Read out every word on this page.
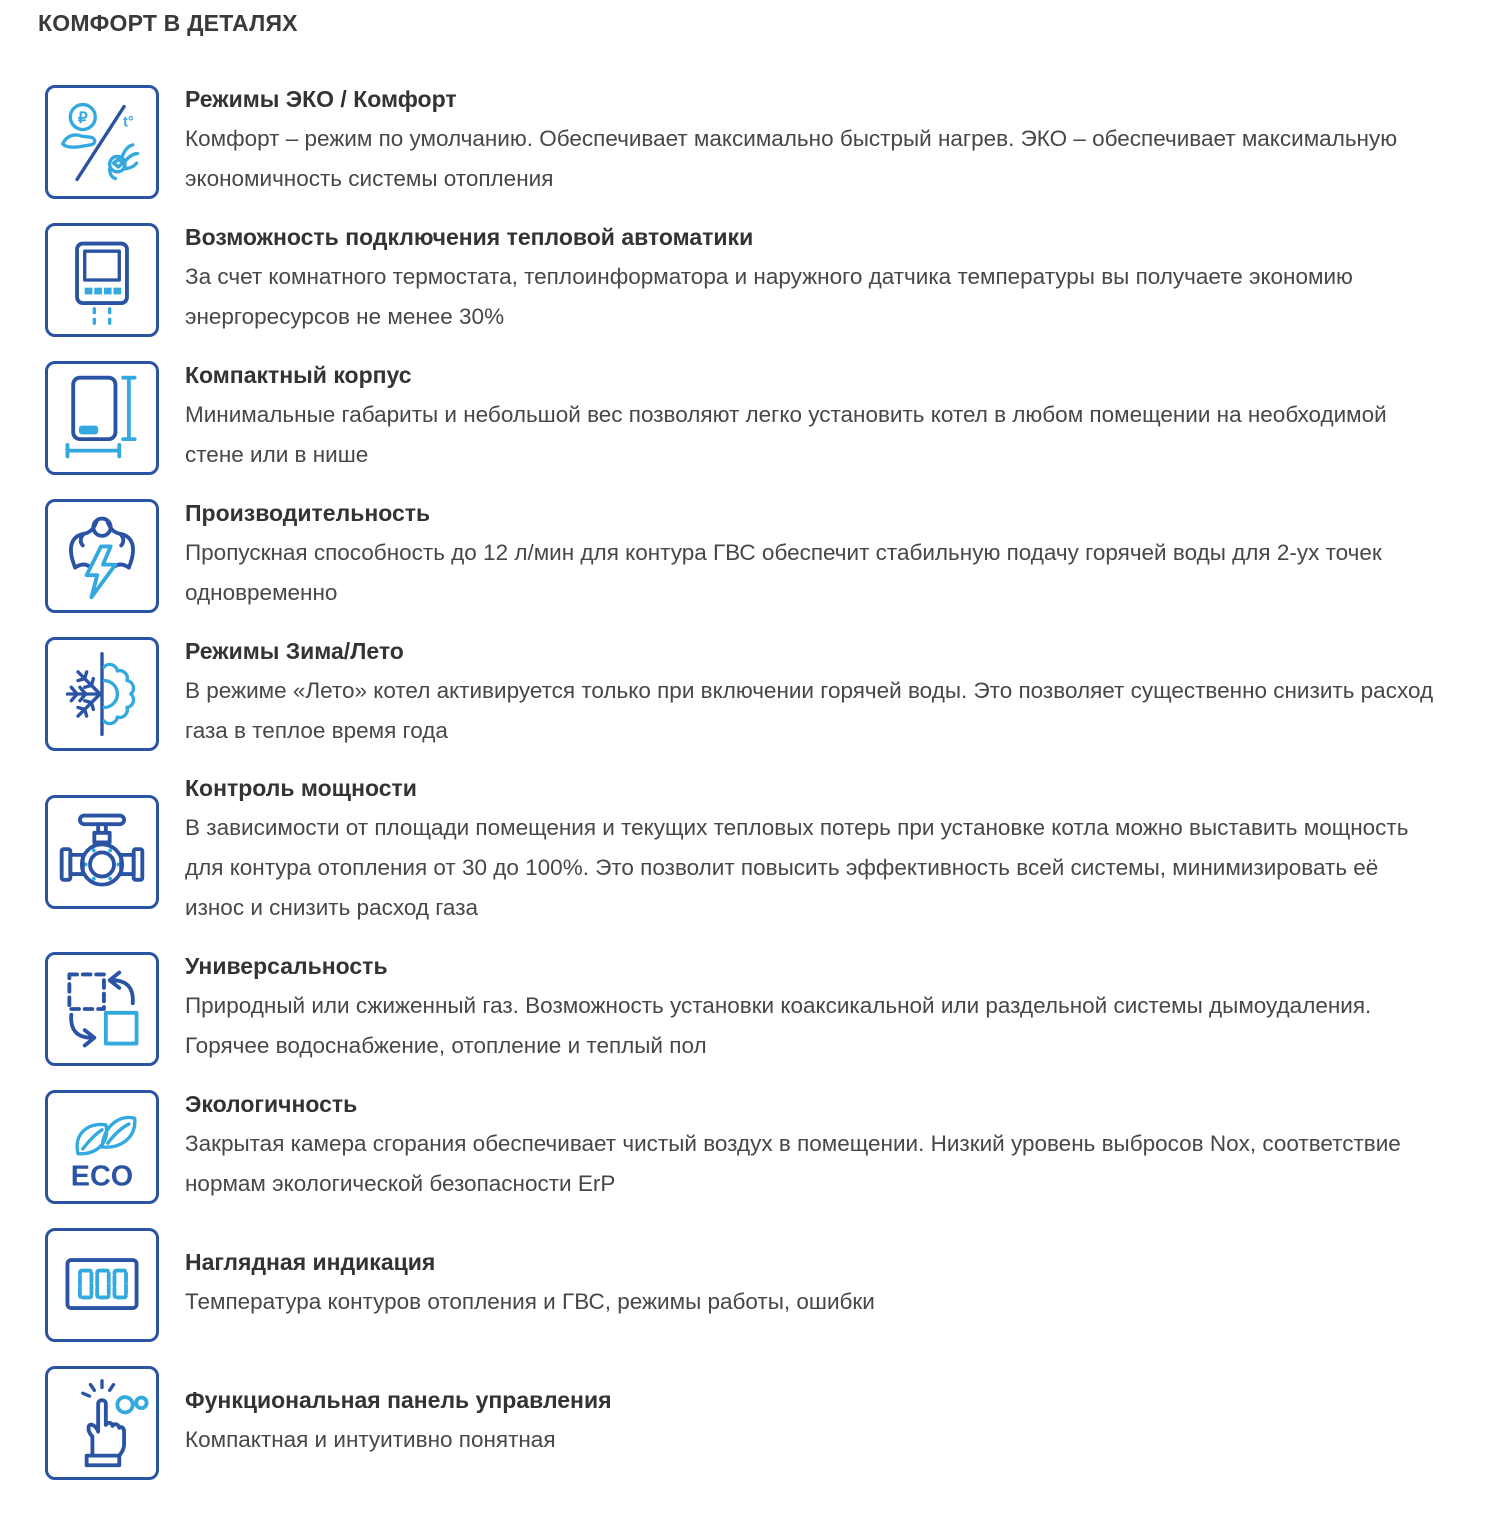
КОМФОРТ В ДЕТАЛЯХ
₽ t°
Режимы ЭКО / Комфорт

Комфорт – режим по умолчанию. Обеспечивает максимально быстрый нагрев. ЭКО – обеспечивает максимальную экономичность системы отопления

Возможность подключения тепловой автоматики

За счет комнатного термостата, теплоинформатора и наружного датчика температуры вы получаете экономию энергоресурсов не менее 30%

Компактный корпус

Минимальные габариты и небольшой вес позволяют легко установить котел в любом помещении на необходимой стене или в нише

Производительность

Пропускная способность до 12 л/мин для контура ГВС обеспечит стабильную подачу горячей воды для 2-ух точек одновременно

Режимы Зима/Лето

В режиме «Лето» котел активируется только при включении горячей воды. Это позволяет существенно снизить расход газа в теплое время года

Контроль мощности

В зависимости от площади помещения и текущих тепловых потерь при установке котла можно выставить мощность для контура отопления от 30 до 100%. Это позволит повысить эффективность всей системы, минимизировать её износ и снизить расход газа

Универсальность

Природный или сжиженный газ. Возможность установки коаксикальной или раздельной системы дымоудаления. Горячее водоснабжение, отопление и теплый пол

ECO
Экологичность

Закрытая камера сгорания обеспечивает чистый воздух в помещении. Низкий уровень выбросов Nox, соответствие нормам экологической безопасности ErP

Наглядная индикация

Температура контуров отопления и ГВС, режимы работы, ошибки

Функциональная панель управления

Компактная и интуитивно понятная
